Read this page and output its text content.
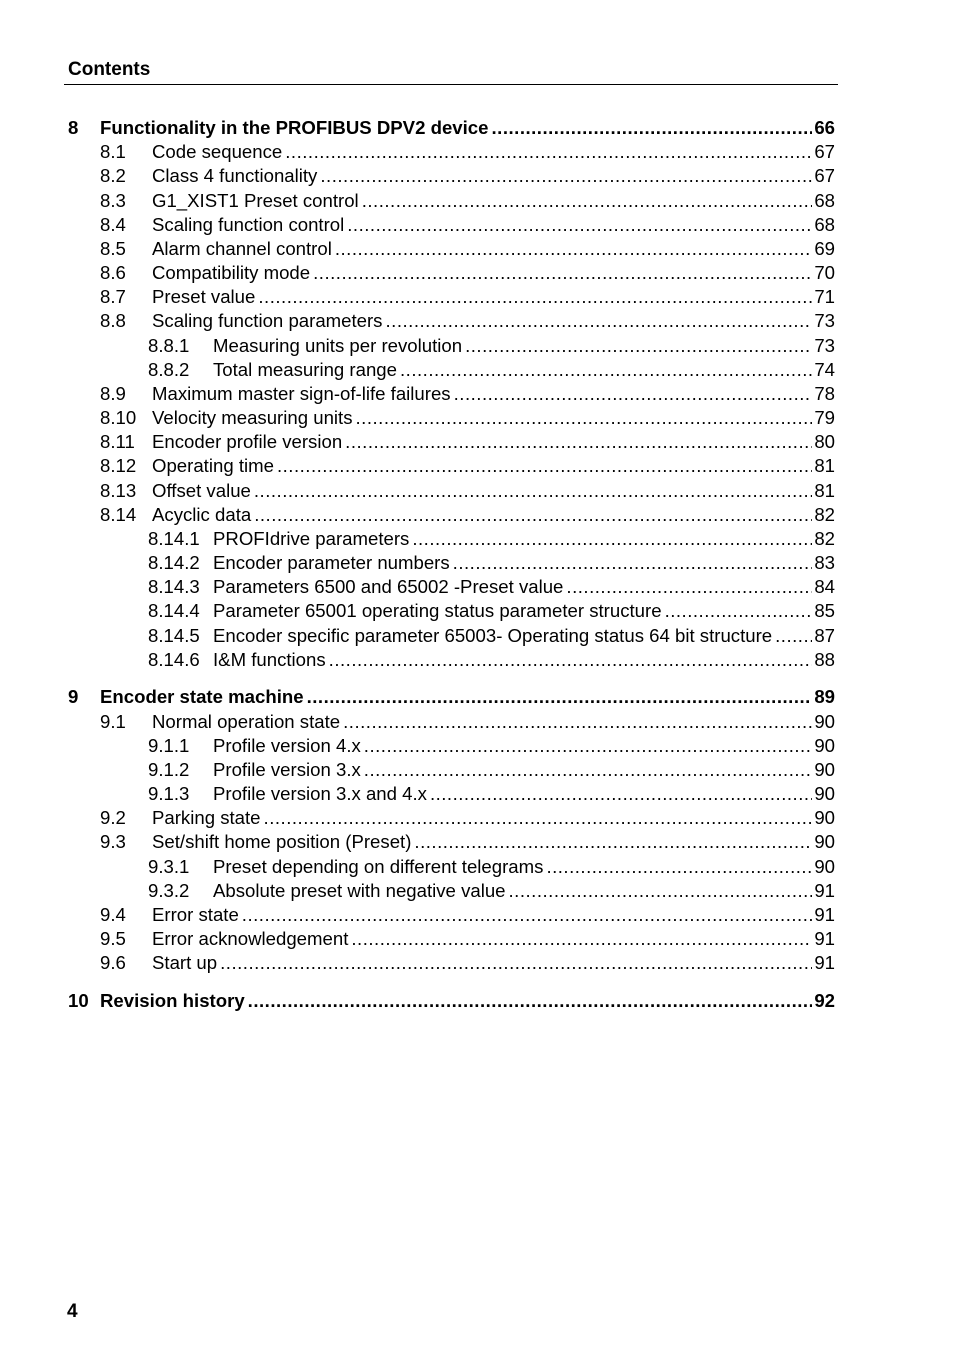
Contents
8 Functionality in the PROFIBUS DPV2 device .....	66
8.1 Code sequence .....	67
8.2 Class 4 functionality .....	67
8.3 G1_XIST1 Preset control .....	68
8.4 Scaling function control .....	68
8.5 Alarm channel control .....	69
8.6 Compatibility mode .....	70
8.7 Preset value .....	71
8.8 Scaling function parameters .....	73
8.8.1 Measuring units per revolution .....	73
8.8.2 Total measuring range .....	74
8.9 Maximum master sign-of-life failures .....	78
8.10 Velocity measuring units .....	79
8.11 Encoder profile version .....	80
8.12 Operating time .....	81
8.13 Offset value .....	81
8.14 Acyclic data .....	82
8.14.1 PROFIdrive parameters .....	82
8.14.2 Encoder parameter numbers .....	83
8.14.3 Parameters 6500 and 65002 -Preset value .....	84
8.14.4 Parameter 65001 operating status parameter structure .....	85
8.14.5 Encoder specific parameter 65003- Operating status 64 bit structure ..... 87
8.14.6 I&M functions .....	88
9 Encoder state machine .....	89
9.1 Normal operation state .....	90
9.1.1 Profile version 4.x .....	90
9.1.2 Profile version 3.x .....	90
9.1.3 Profile version 3.x and 4.x .....	90
9.2 Parking state .....	90
9.3 Set/shift home position (Preset) .....	90
9.3.1 Preset depending on different telegrams .....	90
9.3.2 Absolute preset with negative value .....	91
9.4 Error state .....	91
9.5 Error acknowledgement .....	91
9.6 Start up .....	91
10 Revision history .....	92
4
